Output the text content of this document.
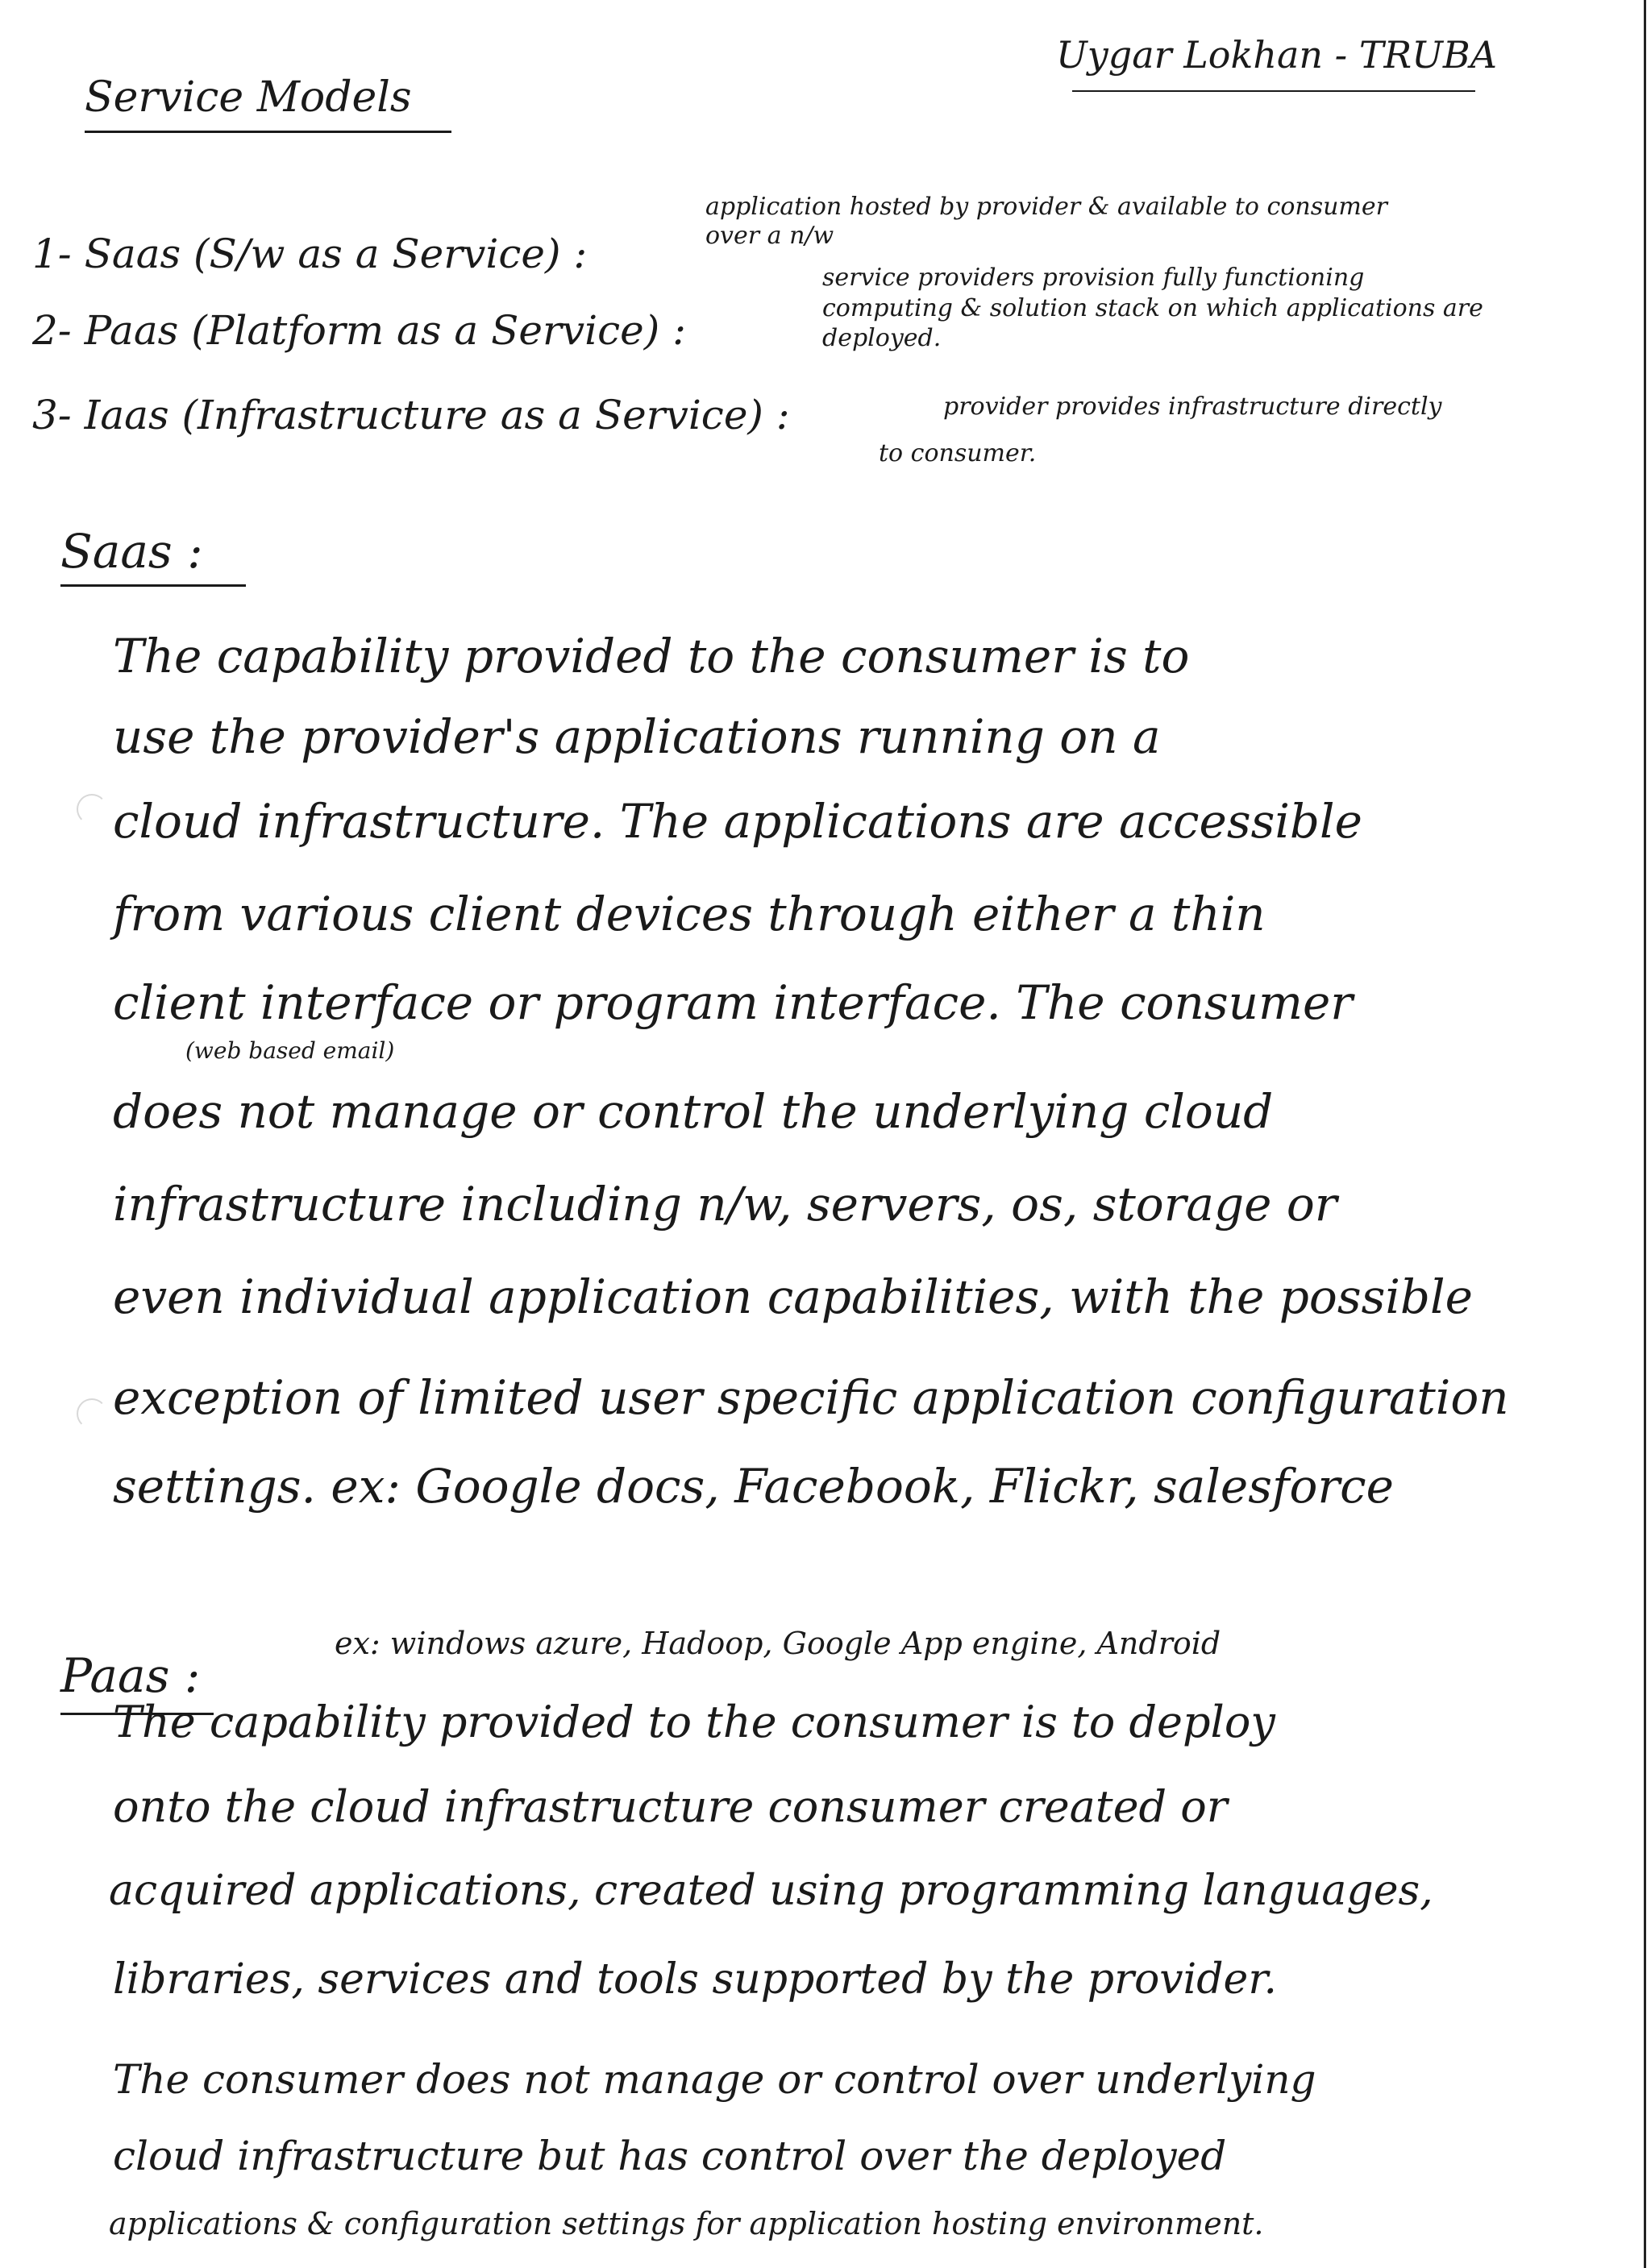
Uygar Lokhan - TRUBA
Service Models
1- Saas (S/w as a Service) :
application hosted by provider & available to consumer
over a n/w
2- Paas (Platform as a Service) :
service providers provision fully functioning
computing & solution stack on which applications are
deployed.
3- Iaas (Infrastructure as a Service) :	provider provides infrastructure directly
to consumer.
Saas :
The capability provided to the consumer is to
use the provider's applications running on a
cloud infrastructure. The applications are accessible
from various client devices through either a thin
client interface or program interface. The consumer
(web based email)
does not manage or control the underlying cloud
infrastructure including n/w, servers, os, storage or
even individual application capabilities, with the possible
exception of limited user specific application configuration
settings. ex: Google docs, Facebook, Flickr, salesforce
Paas :
ex: windows azure, Hadoop, Google App engine, Android
The capability provided to the consumer is to deploy
onto the cloud infrastructure consumer created or
acquired applications, created using programming languages,
libraries, services and tools supported by the provider.
The consumer does not manage or control over underlying
cloud infrastructure but has control over the deployed
applications & configuration settings for application hosting environment.
